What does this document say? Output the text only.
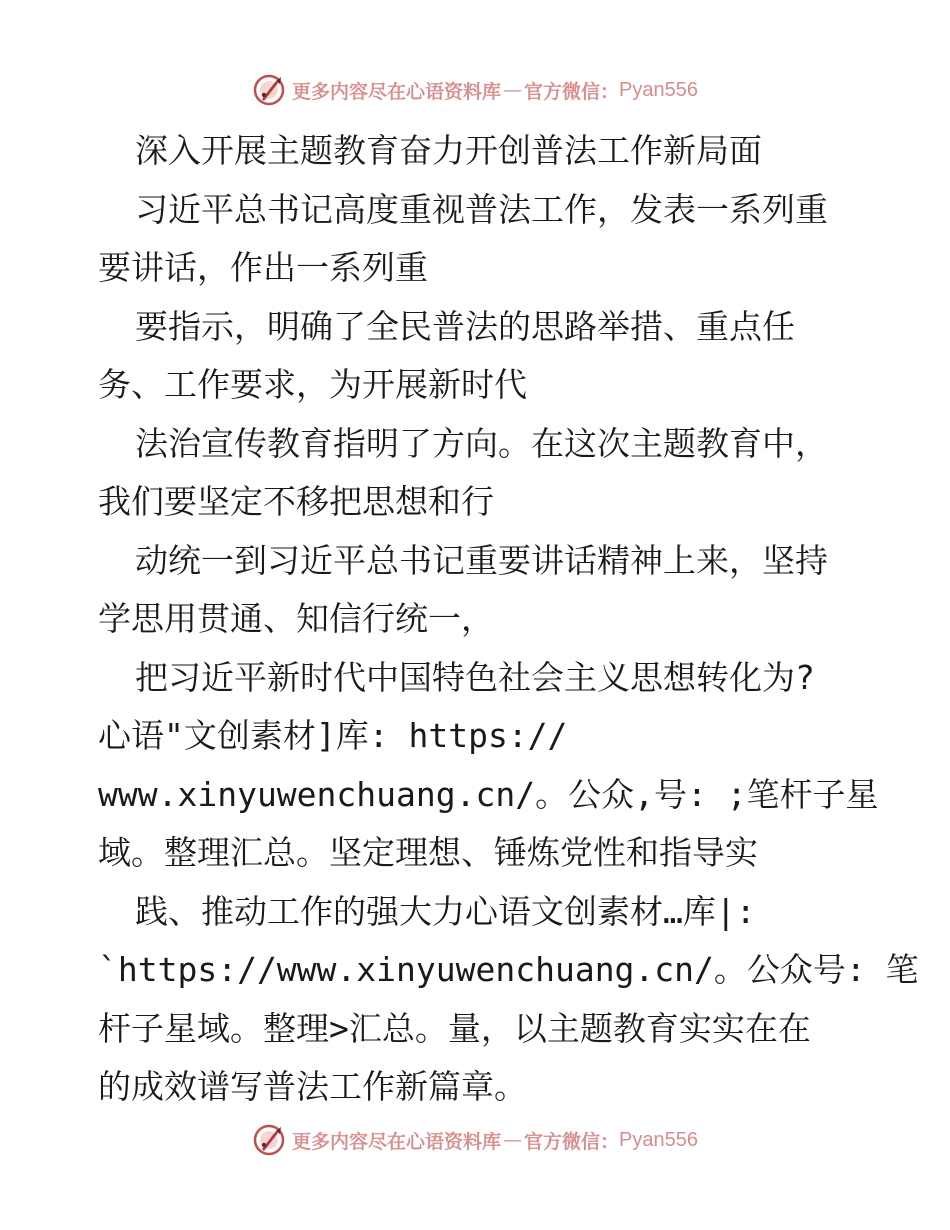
更多内容尽在心语资料库 — 官方微信： Pyan556
深入开展主题教育奋力开创普法工作新局面
习近平总书记高度重视普法工作，发表一系列重
要讲话，作出一系列重
要指示，明确了全民普法的思路举措、重点任
务、工作要求，为开展新时代
法治宣传教育指明了方向。在这次主题教育中，
我们要坚定不移把思想和行
动统一到习近平总书记重要讲话精神上来，坚持
学思用贯通、知信行统一，
把习近平新时代中国特色社会主义思想转化为?
心语"文创素材]库: https://
www.xinyuwenchuang.cn/。公众,号: ;笔杆子星
域。整理汇总。坚定理想、锤炼党性和指导实
践、推动工作的强大力心语文创素材…库|:
`https://www.xinyuwenchuang.cn/。公众号: 笔
杆子星域。整理>汇总。量，以主题教育实实在在
的成效谱写普法工作新篇章。
更多内容尽在心语资料库 — 官方微信： Pyan556
